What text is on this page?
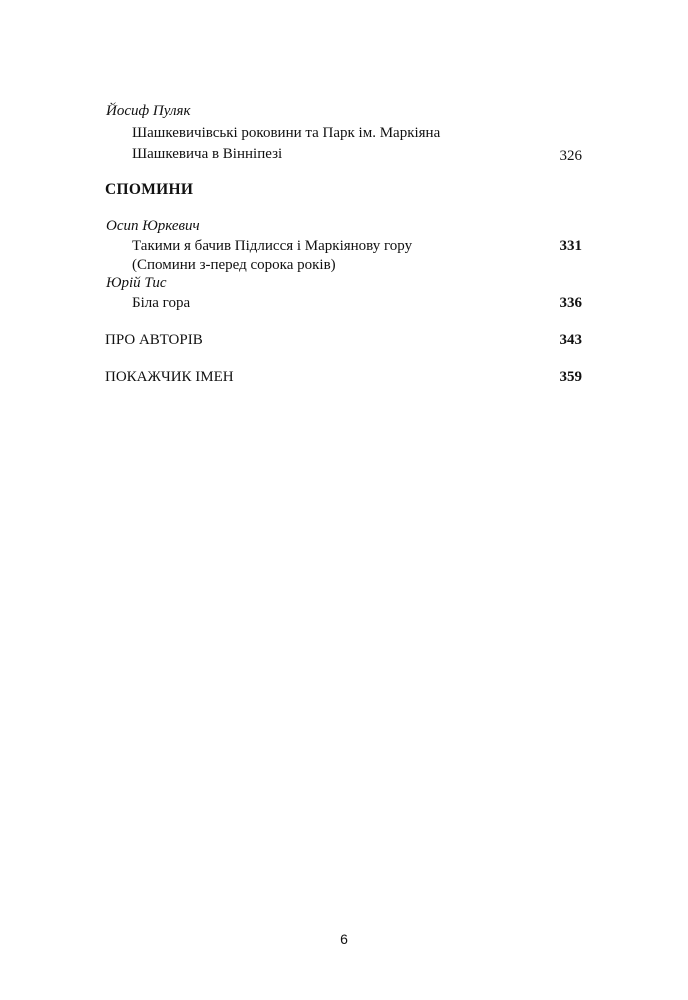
Йосиф Пуляк
Шашкевичівські роковини та Парк ім. Маркіяна
Шашкевича в Вінніпезі	326
СПОМИНИ
Осип Юркевич
Такими я бачив Підлисся і Маркіянову гору	331
(Спомини з-перед сорока років)
Юрій Тис
Біла гора	336
ПРО АВТОРІВ	343
ПОКАЖЧИК ІМЕН	359
6
